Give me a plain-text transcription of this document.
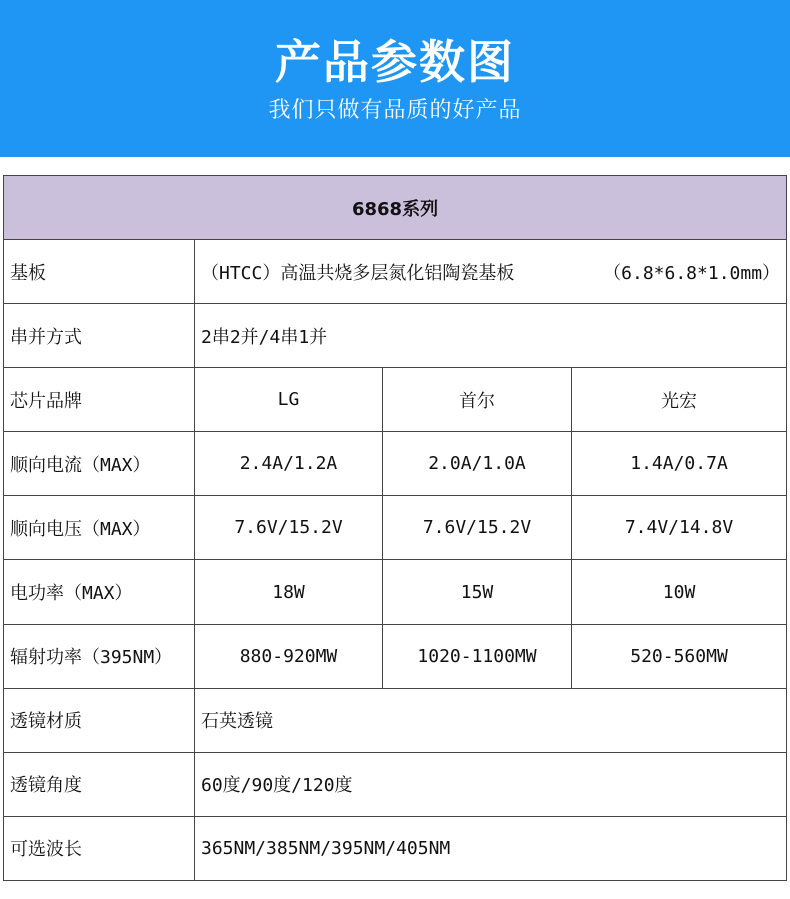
产品参数图
我们只做有品质的好产品
6868系列			
基板	（HTCC）高温共烧多层氮化铝陶瓷基板 （6.8*6.8*1.0mm）		

串并方式	2串2并/4串1并		
芯片品牌	LG	首尔	光宏
顺向电流（MAX）	2.4A/1.2A	2.0A/1.0A	1.4A/0.7A
顺向电压（MAX）	7.6V/15.2V	7.6V/15.2V	7.4V/14.8V
电功率（MAX）	18W	15W	10W
辐射功率（395NM）	880-920MW	1020-1100MW	520-560MW
透镜材质	石英透镜		
透镜角度	60度/90度/120度		
可选波长	365NM/385NM/395NM/405NM		
